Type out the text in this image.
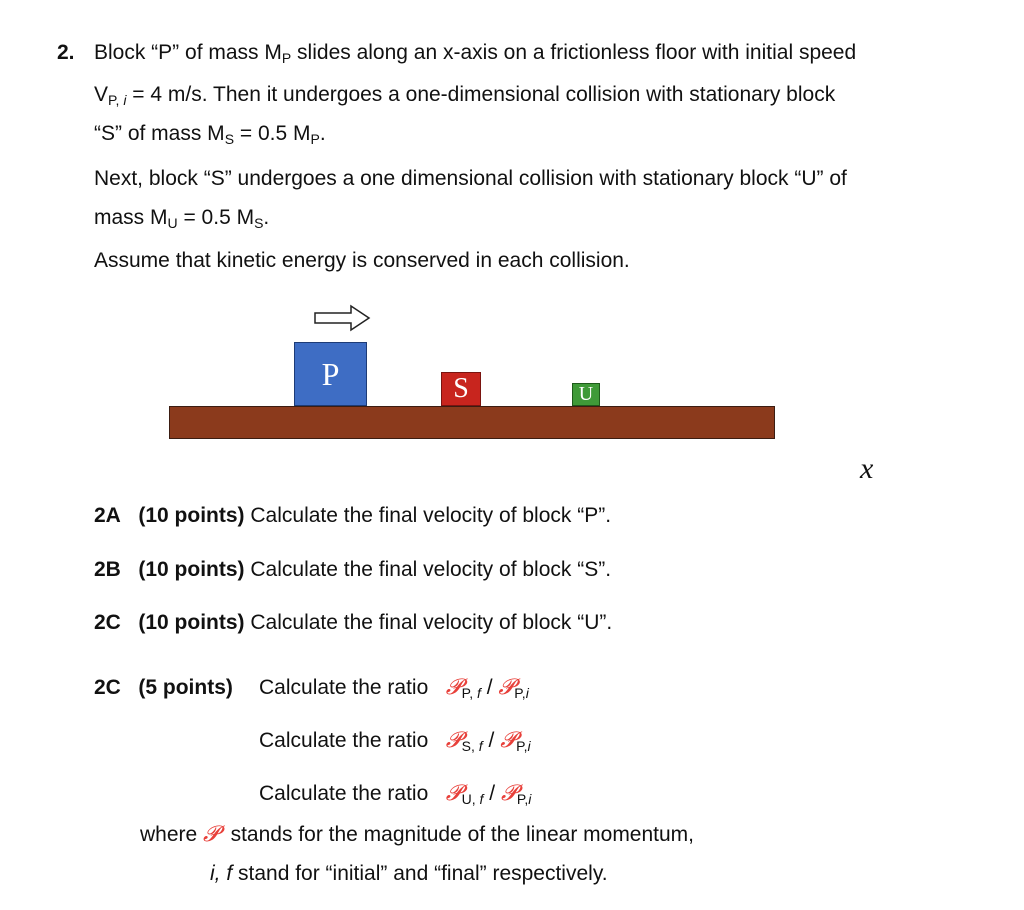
2. Block “P” of mass $M_P$ slides along an x-axis on a frictionless floor with initial speed
$V_{P, i} = 4$ m/s. Then it undergoes a one-dimensional collision with stationary block
“S” of mass $M_S = 0.5$ $M_P$.
Next, block “S” undergoes a one dimensional collision with stationary block “U” of
mass $M_U = 0.5$ $M_S$.
Assume that kinetic energy is conserved in each collision.
P	S	U
x
2A (10 points) Calculate the final velocity of block “P”.
2B (10 points) Calculate the final velocity of block “S”.
2C (10 points) Calculate the final velocity of block “U”.
2C (5 points) Calculate the ratio 𝓟P, f / 𝓟P,i
Calculate the ratio 𝓟S, f / 𝓟P,i
Calculate the ratio 𝓟U, f / 𝓟P,i
where 𝓟 stands for the magnitude of the linear momentum,
i, f stand for “initial” and “final” respectively.
